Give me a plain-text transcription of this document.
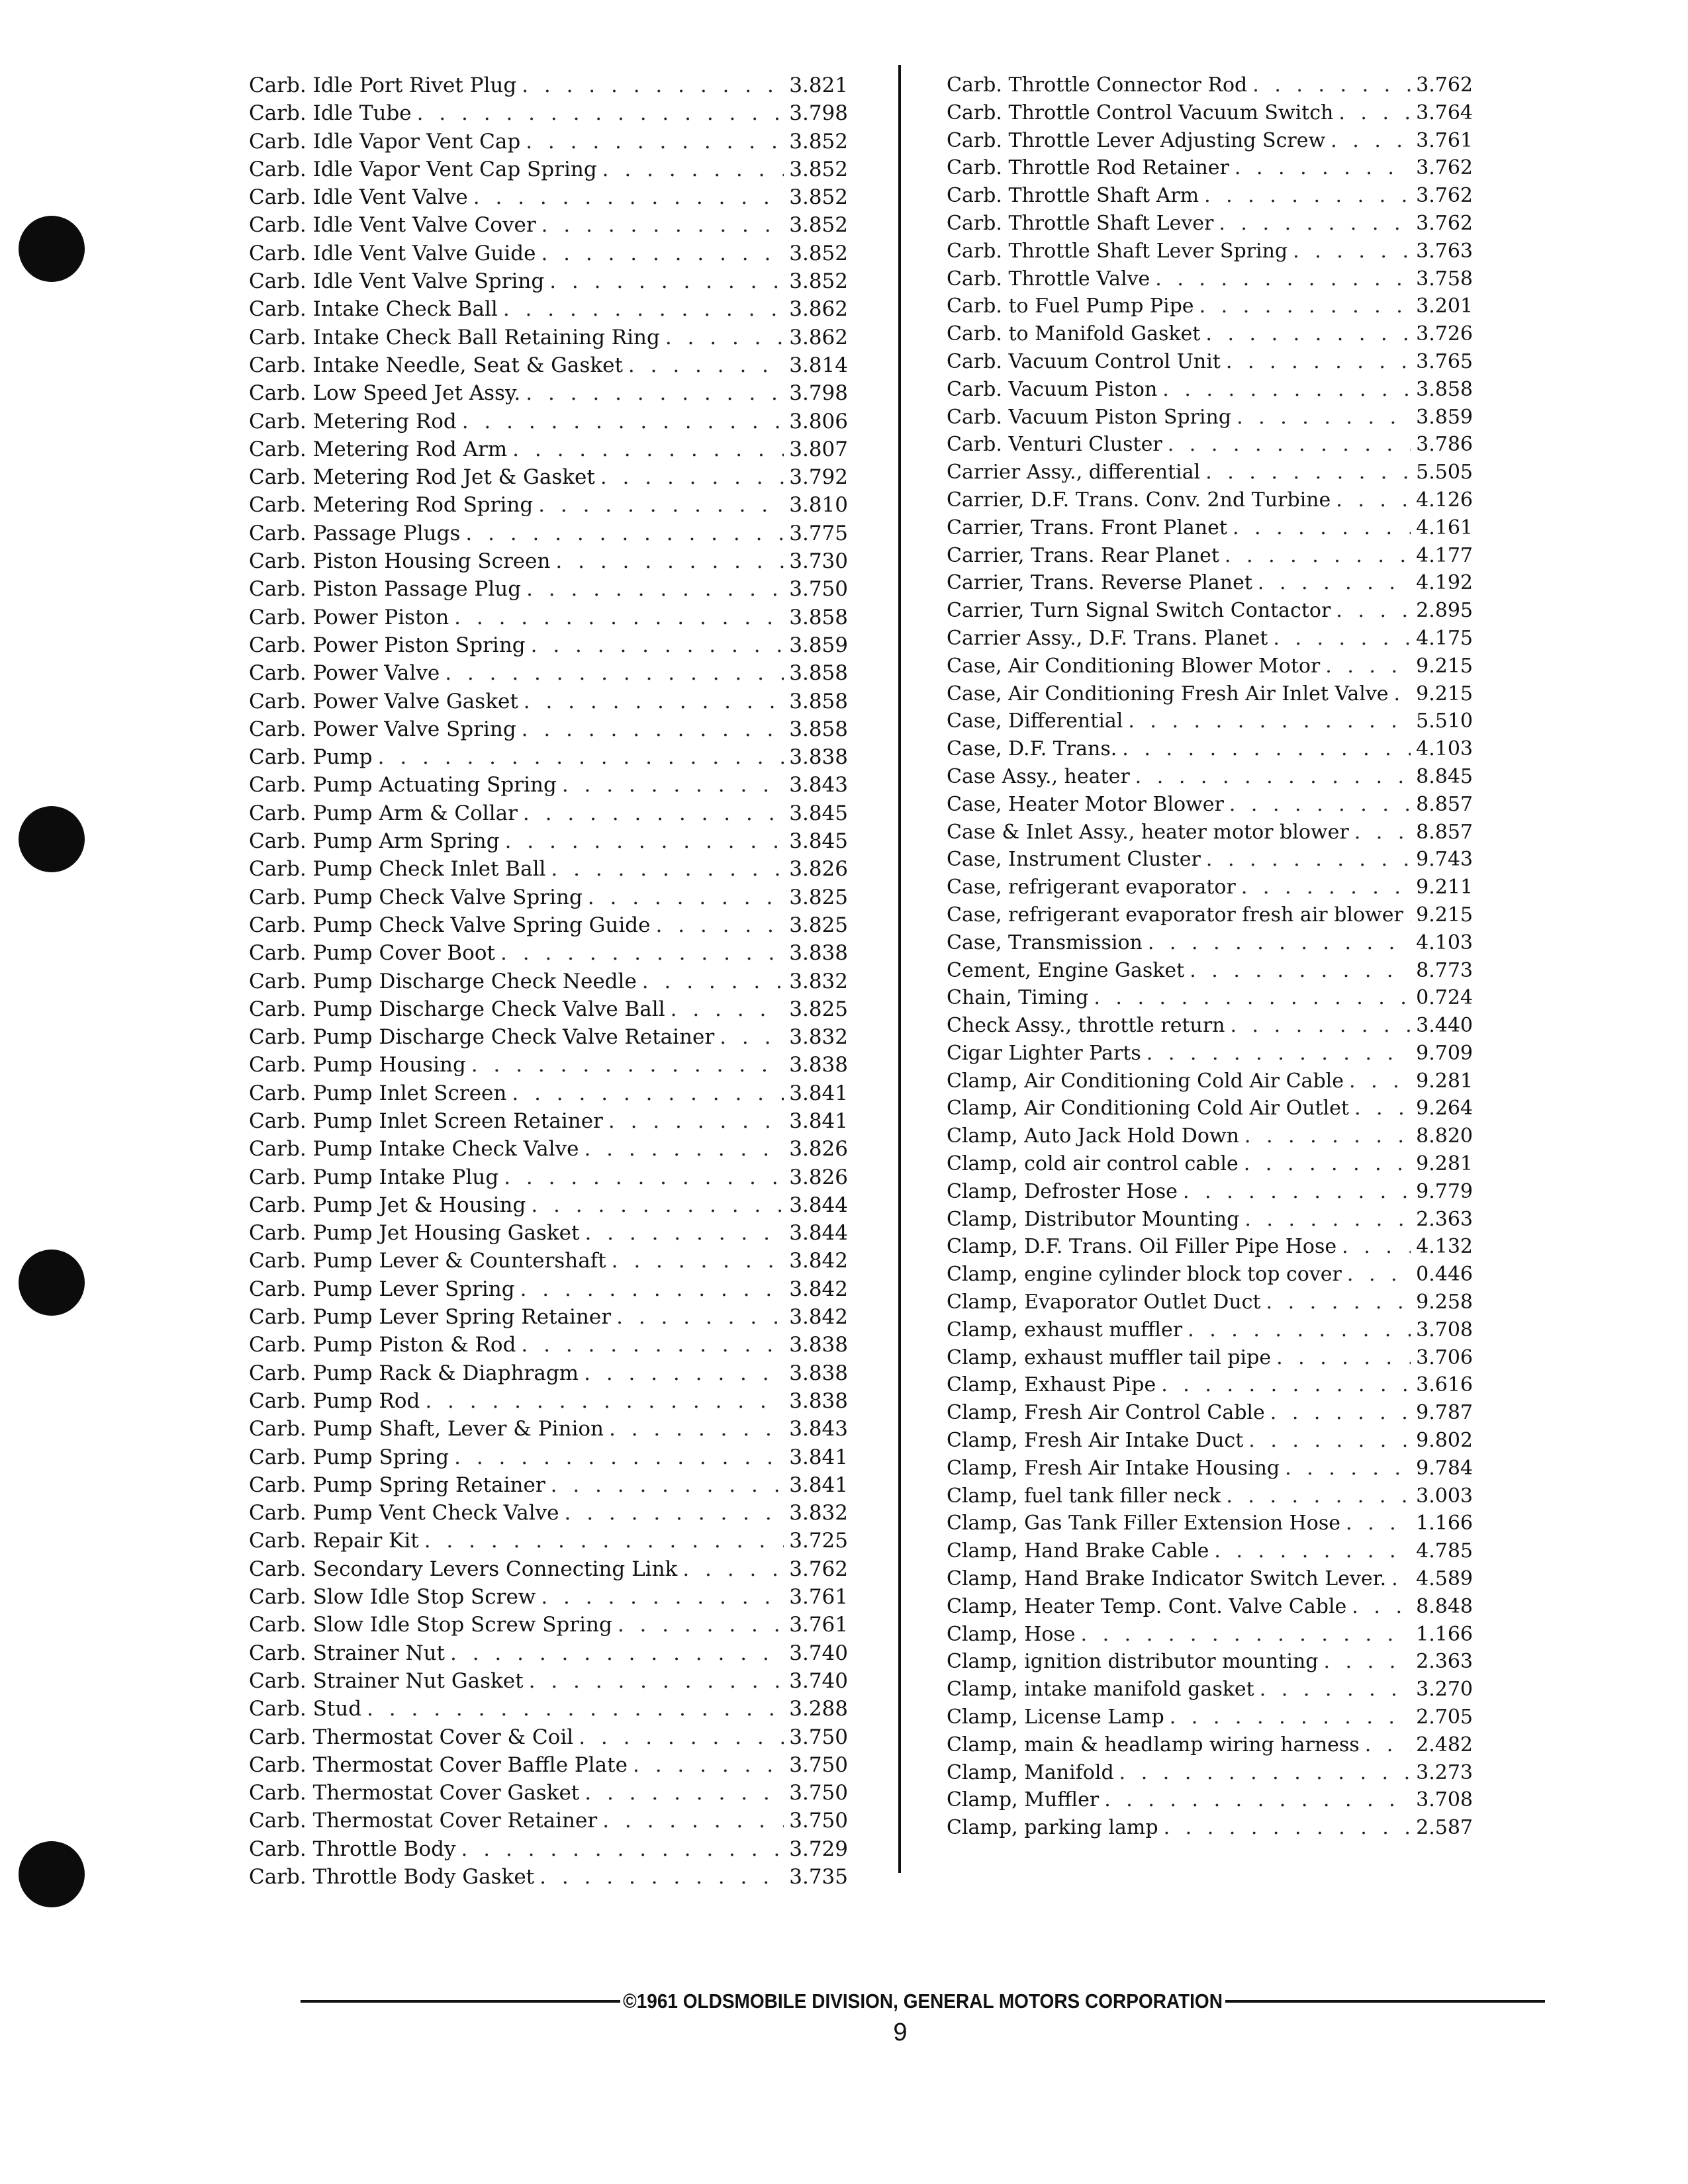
Carb. Idle Port Rivet Plug . . .	3.821
Carb. Idle Tube . . .	3.798
Carb. Idle Vapor Vent Cap . . .	3.852
Carb. Idle Vapor Vent Cap Spring . . .	3.852
Carb. Idle Vent Valve . . .	3.852
Carb. Idle Vent Valve Cover . . .	3.852
Carb. Idle Vent Valve Guide . . .	3.852
Carb. Idle Vent Valve Spring . . .	3.852
Carb. Intake Check Ball . . .	3.862
Carb. Intake Check Ball Retaining Ring . . .	3.862
Carb. Intake Needle, Seat & Gasket . . .	3.814
Carb. Low Speed Jet Assy. . . .	3.798
Carb. Metering Rod . . .	3.806
Carb. Metering Rod Arm . . .	3.807
Carb. Metering Rod Jet & Gasket . . .	3.792
Carb. Metering Rod Spring . . .	3.810
Carb. Passage Plugs . . .	3.775
Carb. Piston Housing Screen . . .	3.730
Carb. Piston Passage Plug . . .	3.750
Carb. Power Piston . . .	3.858
Carb. Power Piston Spring . . .	3.859
Carb. Power Valve . . .	3.858
Carb. Power Valve Gasket . . .	3.858
Carb. Power Valve Spring . . .	3.858
Carb. Pump . . .	3.838
Carb. Pump Actuating Spring . . .	3.843
Carb. Pump Arm & Collar . . .	3.845
Carb. Pump Arm Spring . . .	3.845
Carb. Pump Check Inlet Ball . . .	3.826
Carb. Pump Check Valve Spring . . .	3.825
Carb. Pump Check Valve Spring Guide . . .	3.825
Carb. Pump Cover Boot . . .	3.838
Carb. Pump Discharge Check Needle . . .	3.832
Carb. Pump Discharge Check Valve Ball . . .	3.825
Carb. Pump Discharge Check Valve Retainer . . .	3.832
Carb. Pump Housing . . .	3.838
Carb. Pump Inlet Screen . . .	3.841
Carb. Pump Inlet Screen Retainer . . .	3.841
Carb. Pump Intake Check Valve . . .	3.826
Carb. Pump Intake Plug . . .	3.826
Carb. Pump Jet & Housing . . .	3.844
Carb. Pump Jet Housing Gasket . . .	3.844
Carb. Pump Lever & Countershaft . . .	3.842
Carb. Pump Lever Spring . . .	3.842
Carb. Pump Lever Spring Retainer . . .	3.842
Carb. Pump Piston & Rod . . .	3.838
Carb. Pump Rack & Diaphragm . . .	3.838
Carb. Pump Rod . . .	3.838
Carb. Pump Shaft, Lever & Pinion . . .	3.843
Carb. Pump Spring . . .	3.841
Carb. Pump Spring Retainer . . .	3.841
Carb. Pump Vent Check Valve . . .	3.832
Carb. Repair Kit . . .	3.725
Carb. Secondary Levers Connecting Link . . .	3.762
Carb. Slow Idle Stop Screw . . .	3.761
Carb. Slow Idle Stop Screw Spring . . .	3.761
Carb. Strainer Nut . . .	3.740
Carb. Strainer Nut Gasket . . .	3.740
Carb. Stud . . .	3.288
Carb. Thermostat Cover & Coil . . .	3.750
Carb. Thermostat Cover Baffle Plate . . .	3.750
Carb. Thermostat Cover Gasket . . .	3.750
Carb. Thermostat Cover Retainer . . .	3.750
Carb. Throttle Body . . .	3.729
Carb. Throttle Body Gasket . . .	3.735
Carb. Throttle Connector Rod . . .	3.762
Carb. Throttle Control Vacuum Switch . . .	3.764
Carb. Throttle Lever Adjusting Screw . . .	3.761
Carb. Throttle Rod Retainer . . .	3.762
Carb. Throttle Shaft Arm . . .	3.762
Carb. Throttle Shaft Lever . . .	3.762
Carb. Throttle Shaft Lever Spring . . .	3.763
Carb. Throttle Valve . . .	3.758
Carb. to Fuel Pump Pipe . . .	3.201
Carb. to Manifold Gasket . . .	3.726
Carb. Vacuum Control Unit . . .	3.765
Carb. Vacuum Piston . . .	3.858
Carb. Vacuum Piston Spring . . .	3.859
Carb. Venturi Cluster . . .	3.786
Carrier Assy., differential . . .	5.505
Carrier, D.F. Trans. Conv. 2nd Turbine . . .	4.126
Carrier, Trans. Front Planet . . .	4.161
Carrier, Trans. Rear Planet . . .	4.177
Carrier, Trans. Reverse Planet . . .	4.192
Carrier, Turn Signal Switch Contactor . . .	2.895
Carrier Assy., D.F. Trans. Planet . . .	4.175
Case, Air Conditioning Blower Motor . . .	9.215
Case, Air Conditioning Fresh Air Inlet Valve . . . 9.215
Case, Differential . . .	5.510
Case, D.F. Trans. . . .	4.103
Case Assy., heater . . .	8.845
Case, Heater Motor Blower . . .	8.857
Case & Inlet Assy., heater motor blower . . .	8.857
Case, Instrument Cluster . . .	9.743
Case, refrigerant evaporator . . .	9.211
Case, refrigerant evaporator fresh air blower . . . 9.215
Case, Transmission . . .	4.103
Cement, Engine Gasket . . .	8.773
Chain, Timing . . .	0.724
Check Assy., throttle return . . .	3.440
Cigar Lighter Parts . . .	9.709
Clamp, Air Conditioning Cold Air Cable . . .	9.281
Clamp, Air Conditioning Cold Air Outlet . . .	9.264
Clamp, Auto Jack Hold Down . . .	8.820
Clamp, cold air control cable . . .	9.281
Clamp, Defroster Hose . . .	9.779
Clamp, Distributor Mounting . . .	2.363
Clamp, D.F. Trans. Oil Filler Pipe Hose . . .	4.132
Clamp, engine cylinder block top cover . . .	0.446
Clamp, Evaporator Outlet Duct . . .	9.258
Clamp, exhaust muffler . . .	3.708
Clamp, exhaust muffler tail pipe . . .	3.706
Clamp, Exhaust Pipe . . .	3.616
Clamp, Fresh Air Control Cable . . .	9.787
Clamp, Fresh Air Intake Duct . . .	9.802
Clamp, Fresh Air Intake Housing . . .	9.784
Clamp, fuel tank filler neck . . .	3.003
Clamp, Gas Tank Filler Extension Hose . . .	1.166
Clamp, Hand Brake Cable . . .	4.785
Clamp, Hand Brake Indicator Switch Lever. . . . 4.589
Clamp, Heater Temp. Cont. Valve Cable . . .	8.848
Clamp, Hose . . .	1.166
Clamp, ignition distributor mounting . . .	2.363
Clamp, intake manifold gasket . . .	3.270
Clamp, License Lamp . . .	2.705
Clamp, main & headlamp wiring harness . . .	2.482
Clamp, Manifold . . .	3.273
Clamp, Muffler . . .	3.708
Clamp, parking lamp . . .	2.587
©1961 OLDSMOBILE DIVISION, GENERAL MOTORS CORPORATION
9
